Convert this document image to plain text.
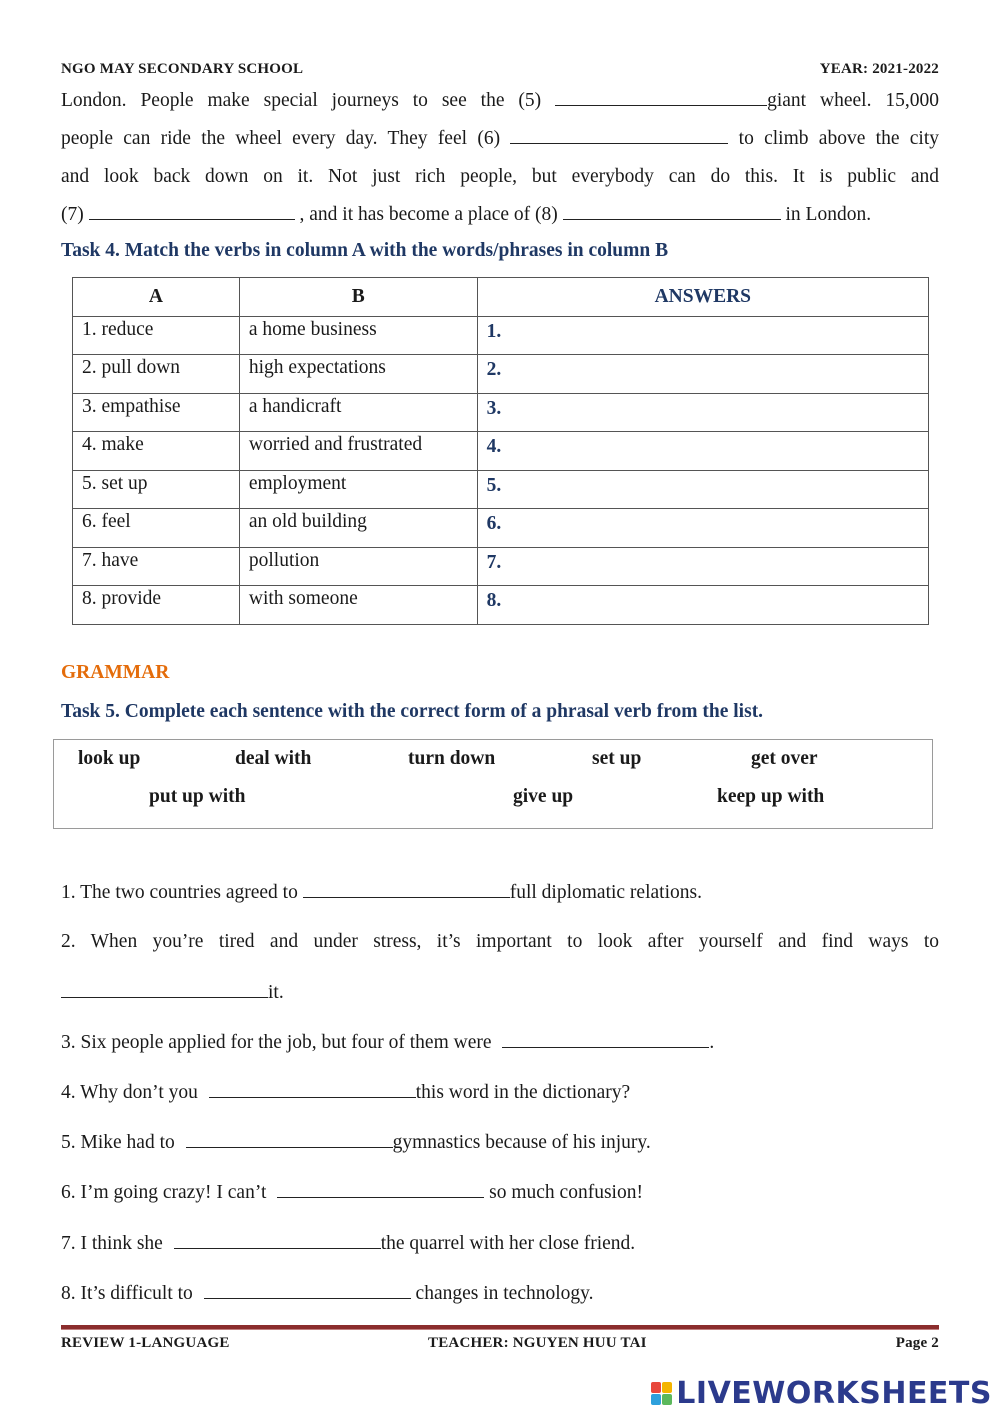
NGO MAY SECONDARY SCHOOL	YEAR: 2021-2022

London. People make special journeys to see the (5)	giant wheel. 15,000

people can ride the wheel every day. They feel (6)	to climb above the city

and look back down on it. Not just rich people, but everybody can do this. It is public and

(7)	, and it has become a place of (8)	in London.

Task 4. Match the verbs in column A with the words/phrases in column B
A	B	ANSWERS
1. reduce	a home business	1.
2. pull down	high expectations	2.
3. empathise	a handicraft	3.
4. make	worried and frustrated	4.
5. set up	employment	5.
6. feel	an old building	6.
7. have	pollution	7.
8. provide	with someone	8.
GRAMMAR
Task 5. Complete each sentence with the correct form of a phrasal verb from the list.
look up	deal with	turn down	set up	get over
put up with	give up	keep up with
1. The two countries agreed to	full diplomatic relations.
2. When you’re tired and under stress, it’s important to look after yourself and find ways to
it.
3. Six people applied for the job, but four of them were	.
4. Why don’t you	this word in the dictionary?
5. Mike had to	gymnastics because of his injury.
6. I’m going crazy! I can’t	so much confusion!
7. I think she	the quarrel with her close friend.
8. It’s difficult to	changes in technology.
REVIEW 1-LANGUAGE	TEACHER: NGUYEN HUU TAI	Page 2
LIVEWORKSHEETS
